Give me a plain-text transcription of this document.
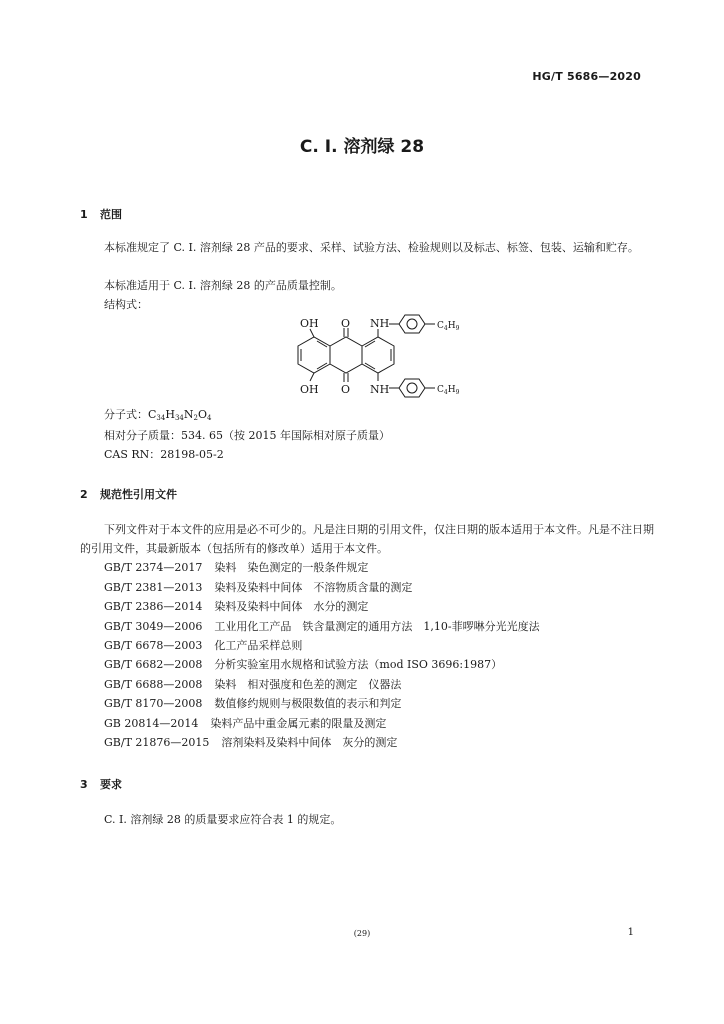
HG/T 5686—2020
C. I. 溶剂绿 28
1 范围
本标准规定了 C. I. 溶剂绿 28 产品的要求、采样、试验方法、检验规则以及标志、标签、包装、运输和贮存。
本标准适用于 C. I. 溶剂绿 28 的产品质量控制。
结构式：
OH O NH	$C_4H_9$
OH O NH	$C_4H_9$
分子式：$C_{34}H_{34}N_2O_4$
相对分子质量：534. 65（按 2015 年国际相对原子质量）
CAS RN：28198-05-2
2 规范性引用文件
下列文件对于本文件的应用是必不可少的。凡是注日期的引用文件，仅注日期的版本适用于本文件。凡是不注日期的引用文件，其最新版本（包括所有的修改单）适用于本文件。
GB/T 2374—2017 染料　染色测定的一般条件规定
GB/T 2381—2013 染料及染料中间体　不溶物质含量的测定
GB/T 2386—2014 染料及染料中间体　水分的测定
GB/T 3049—2006 工业用化工产品　铁含量测定的通用方法　1,10-菲啰啉分光光度法
GB/T 6678—2003 化工产品采样总则
GB/T 6682—2008 分析实验室用水规格和试验方法（mod ISO 3696:1987）
GB/T 6688—2008 染料　相对强度和色差的测定　仪器法
GB/T 8170—2008 数值修约规则与极限数值的表示和判定
GB 20814—2014 染料产品中重金属元素的限量及测定
GB/T 21876—2015 溶剂染料及染料中间体　灰分的测定
3 要求
C. I. 溶剂绿 28 的质量要求应符合表 1 的规定。
(29)	1
